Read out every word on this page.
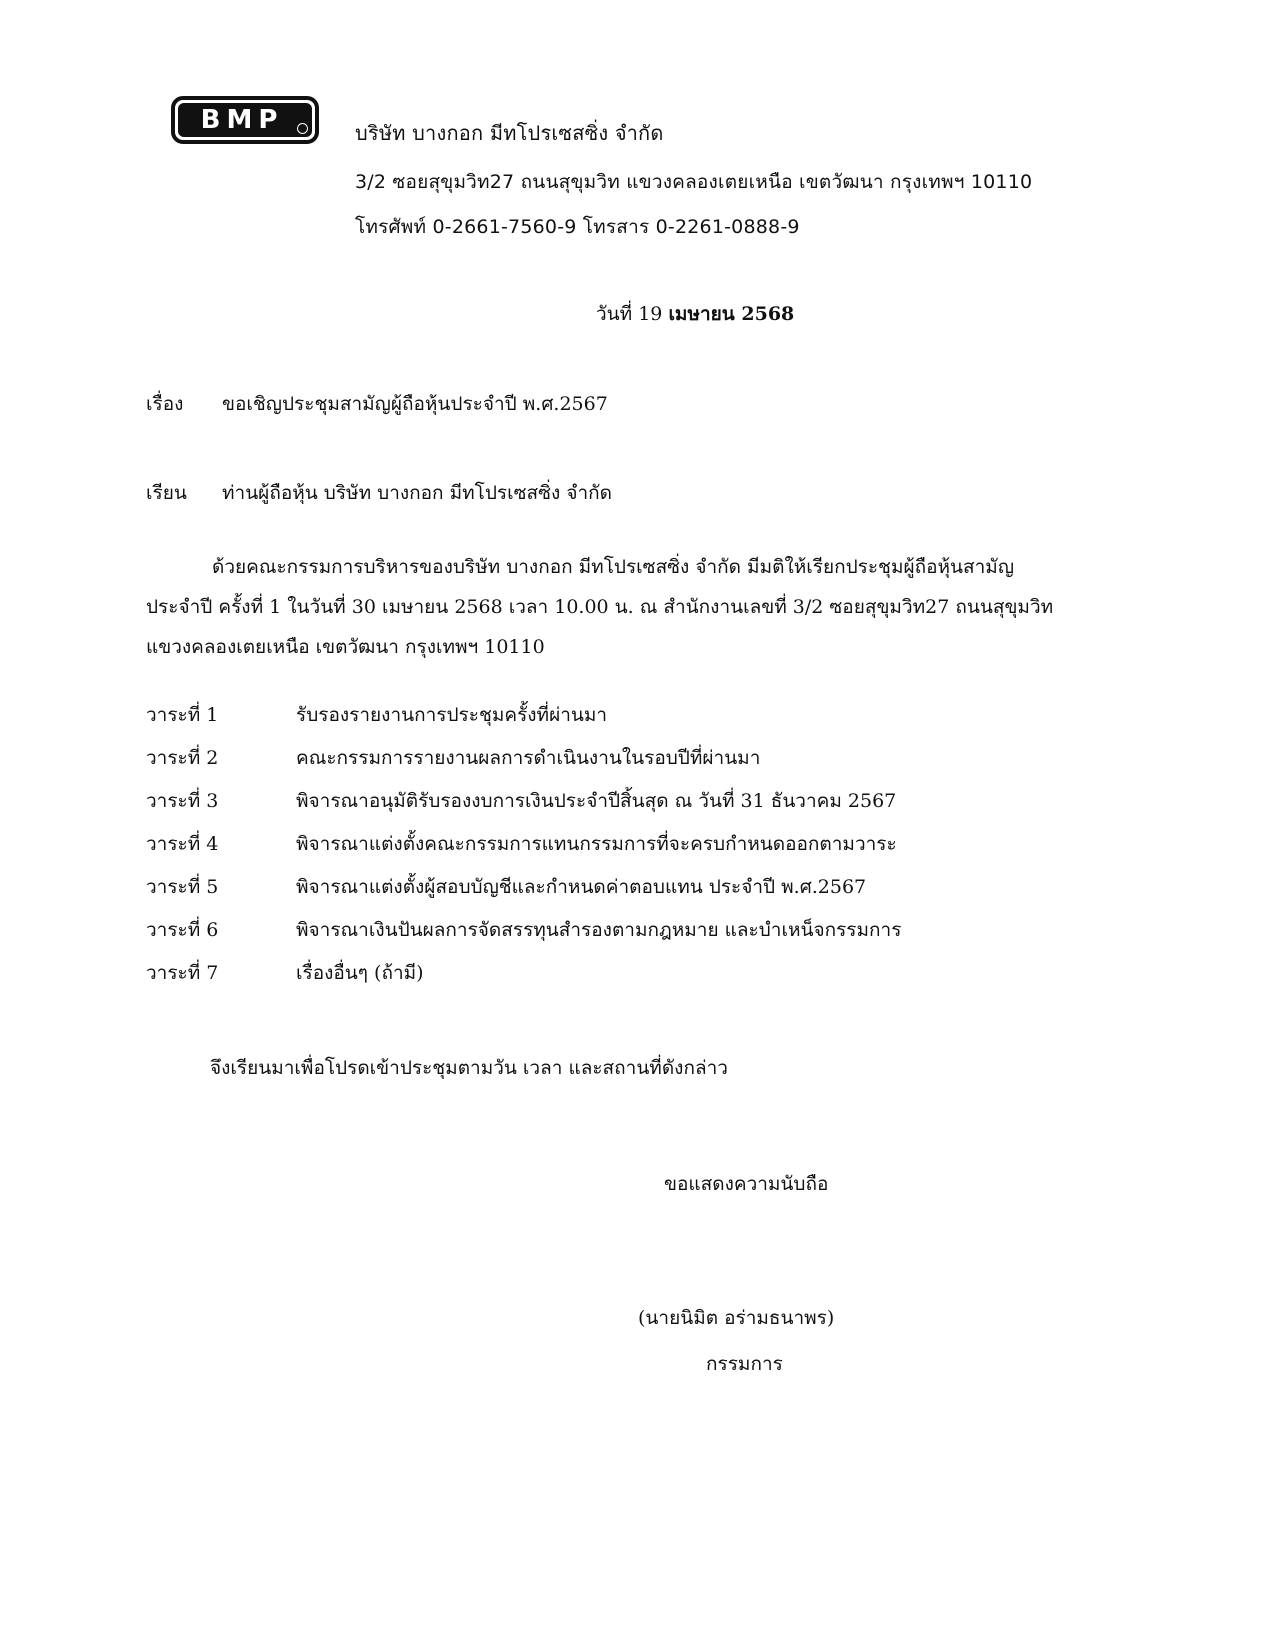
BMP	บริษัท บางกอก มีทโปรเซสซิ่ง จำกัด
3/2 ซอยสุขุมวิท27 ถนนสุขุมวิท แขวงคลองเตยเหนือ เขตวัฒนา กรุงเทพฯ 10110
โทรศัพท์ 0-2661-7560-9 โทรสาร 0-2261-0888-9
วันที่ 19 เมษายน 2568
เรื่อง ขอเชิญประชุมสามัญผู้ถือหุ้นประจำปี พ.ศ.2567
เรียน ท่านผู้ถือหุ้น บริษัท บางกอก มีทโปรเซสซิ่ง จำกัด
ด้วยคณะกรรมการบริหารของบริษัท บางกอก มีทโปรเซสซิ่ง จำกัด มีมติให้เรียกประชุมผู้ถือหุ้นสามัญ
ประจำปี ครั้งที่ 1 ในวันที่ 30 เมษายน 2568 เวลา 10.00 น. ณ สำนักงานเลขที่ 3/2 ซอยสุขุมวิท27 ถนนสุขุมวิท
แขวงคลองเตยเหนือ เขตวัฒนา กรุงเทพฯ 10110
วาระที่ 1	รับรองรายงานการประชุมครั้งที่ผ่านมา
วาระที่ 2	คณะกรรมการรายงานผลการดำเนินงานในรอบปีที่ผ่านมา
วาระที่ 3	พิจารณาอนุมัติรับรองงบการเงินประจำปีสิ้นสุด ณ วันที่ 31 ธันวาคม 2567
วาระที่ 4	พิจารณาแต่งตั้งคณะกรรมการแทนกรรมการที่จะครบกำหนดออกตามวาระ
วาระที่ 5	พิจารณาแต่งตั้งผู้สอบบัญชีและกำหนดค่าตอบแทน ประจำปี พ.ศ.2567
วาระที่ 6	พิจารณาเงินปันผลการจัดสรรทุนสำรองตามกฎหมาย และบำเหน็จกรรมการ
วาระที่ 7	เรื่องอื่นๆ (ถ้ามี)
จึงเรียนมาเพื่อโปรดเข้าประชุมตามวัน เวลา และสถานที่ดังกล่าว
ขอแสดงความนับถือ
(นายนิมิต อร่ามธนาพร)
กรรมการ
